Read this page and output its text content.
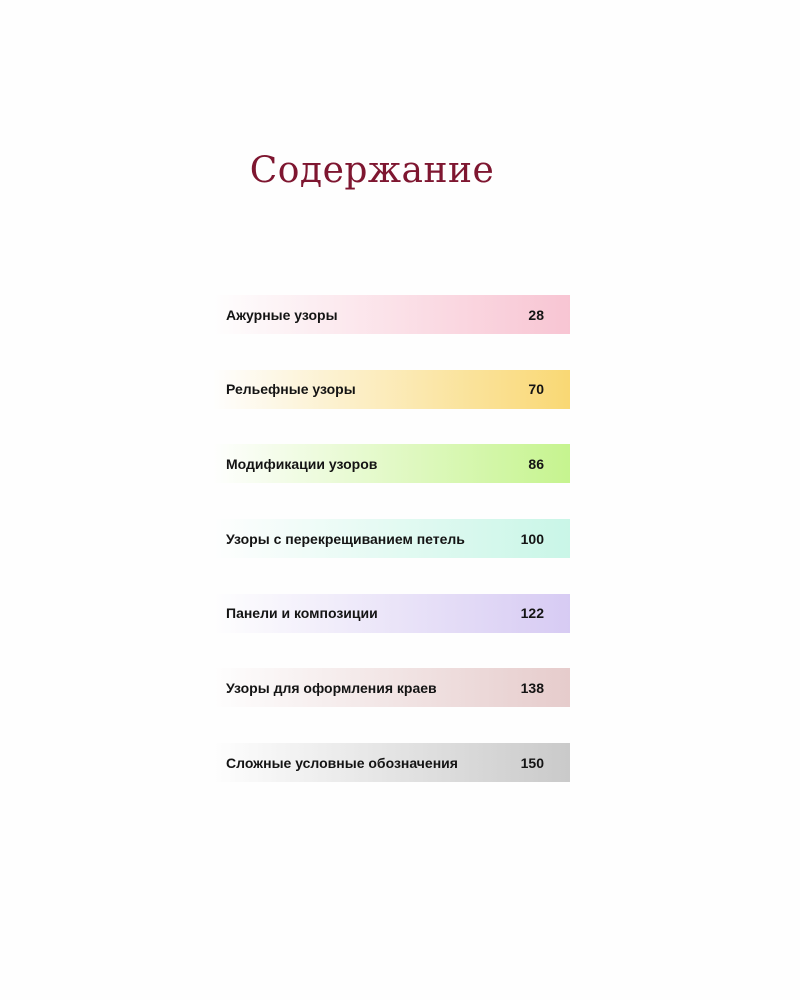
Содержание
Ажурные узоры	28
Рельефные узоры	70
Модификации узоров	86
Узоры с перекрещиванием петель	100
Панели и композиции	122
Узоры для оформления краев	138
Сложные условные обозначения	150
